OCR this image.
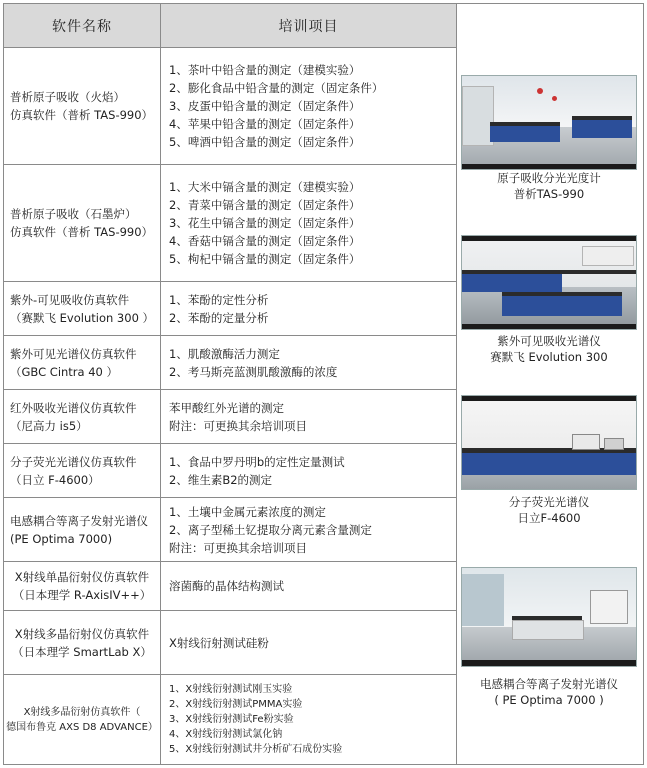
软件名称	培训项目
普析原子吸收（火焰）
仿真软件（普析 TAS-990）
1、茶叶中铅含量的测定（建模实验）
2、膨化食品中铅含量的测定（固定条件）
3、皮蛋中铅含量的测定（固定条件）
4、苹果中铅含量的测定（固定条件）
5、啤酒中铅含量的测定（固定条件）
普析原子吸收（石墨炉）
仿真软件（普析 TAS-990）
1、大米中镉含量的测定（建模实验）
2、青菜中镉含量的测定（固定条件）
3、花生中镉含量的测定（固定条件）
4、香菇中镉含量的测定（固定条件）
5、枸杞中镉含量的测定（固定条件）
紫外-可见吸收仿真软件
（赛默飞 Evolution 300 ）
1、苯酚的定性分析
2、苯酚的定量分析
紫外可见光谱仪仿真软件
（GBC Cintra 40 ）
1、肌酸激酶活力测定
2、考马斯亮蓝测肌酸激酶的浓度
红外吸收光谱仪仿真软件
（尼高力 is5）
苯甲酸红外光谱的测定
附注：可更换其余培训项目
分子荧光光谱仪仿真软件
（日立 F-4600）
1、食品中罗丹明b的定性定量测试
2、维生素B2的测定
电感耦合等离子发射光谱仪
(PE Optima 7000)
1、土壤中金属元素浓度的测定
2、离子型稀土钇提取分离元素含量测定
附注：可更换其余培训项目
X射线单晶衍射仪仿真软件
（日本理学 R-AxisIV++）
溶菌酶的晶体结构测试
X射线多晶衍射仪仿真软件
（日本理学 SmartLab X）
X射线衍射测试硅粉
X射线多晶衍射仿真软件（
德国布鲁克 AXS D8 ADVANCE）
1、X射线衍射测试刚玉实验
2、X射线衍射测试PMMA实验
3、X射线衍射测试Fe粉实验
4、X射线衍射测试氯化钠
5、X射线衍射测试井分析矿石成份实验
原子吸收分光光度计
普析TAS-990
紫外可见吸收光谱仪
赛默飞 Evolution 300
分子荧光光谱仪
日立F-4600
电感耦合等离子发射光谱仪
( PE Optima 7000 )
